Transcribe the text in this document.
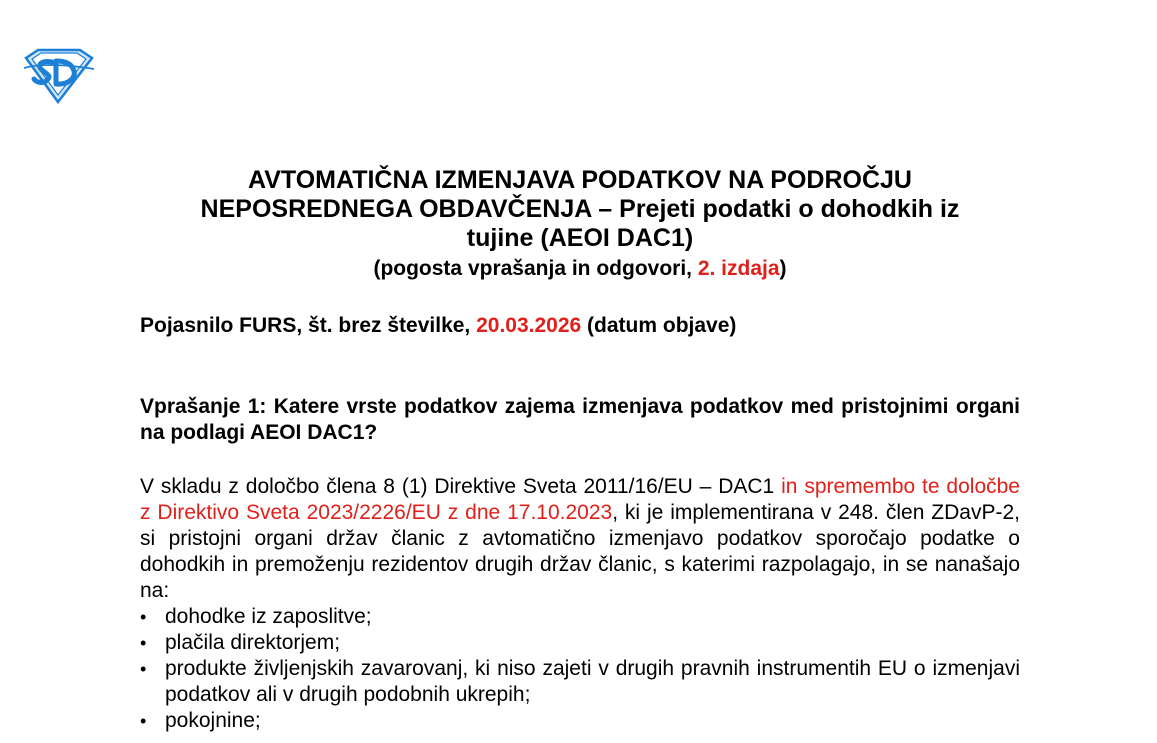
AVTOMATIČNA IZMENJAVA PODATKOV NA PODROČJU
NEPOSREDNEGA OBDAVČENJA – Prejeti podatki o dohodkih iz
tujine (AEOI DAC1)
(pogosta vprašanja in odgovori, 2. izdaja)
Pojasnilo FURS, št. brez številke, 20.03.2026 (datum objave)
Vprašanje 1: Katere vrste podatkov zajema izmenjava podatkov med pristojnimi organi na podlagi AEOI DAC1?

V skladu z določbo člena 8 (1) Direktive Sveta 2011/16/EU – DAC1 in spremembo te določbe z Direktivo Sveta 2023/2226/EU z dne 17.10.2023, ki je implementirana v 248. člen ZDavP-2, si pristojni organi držav članic z avtomatično izmenjavo podatkov sporočajo podatke o dohodkih in premoženju rezidentov drugih držav članic, s katerimi razpolagajo, in se nanašajo na:

• dohodke iz zaposlitve;
• plačila direktorjem;
• produkte življenjskih zavarovanj, ki niso zajeti v drugih pravnih instrumentih EU o izmenjavi podatkov ali v drugih podobnih ukrepih;
• pokojnine;
